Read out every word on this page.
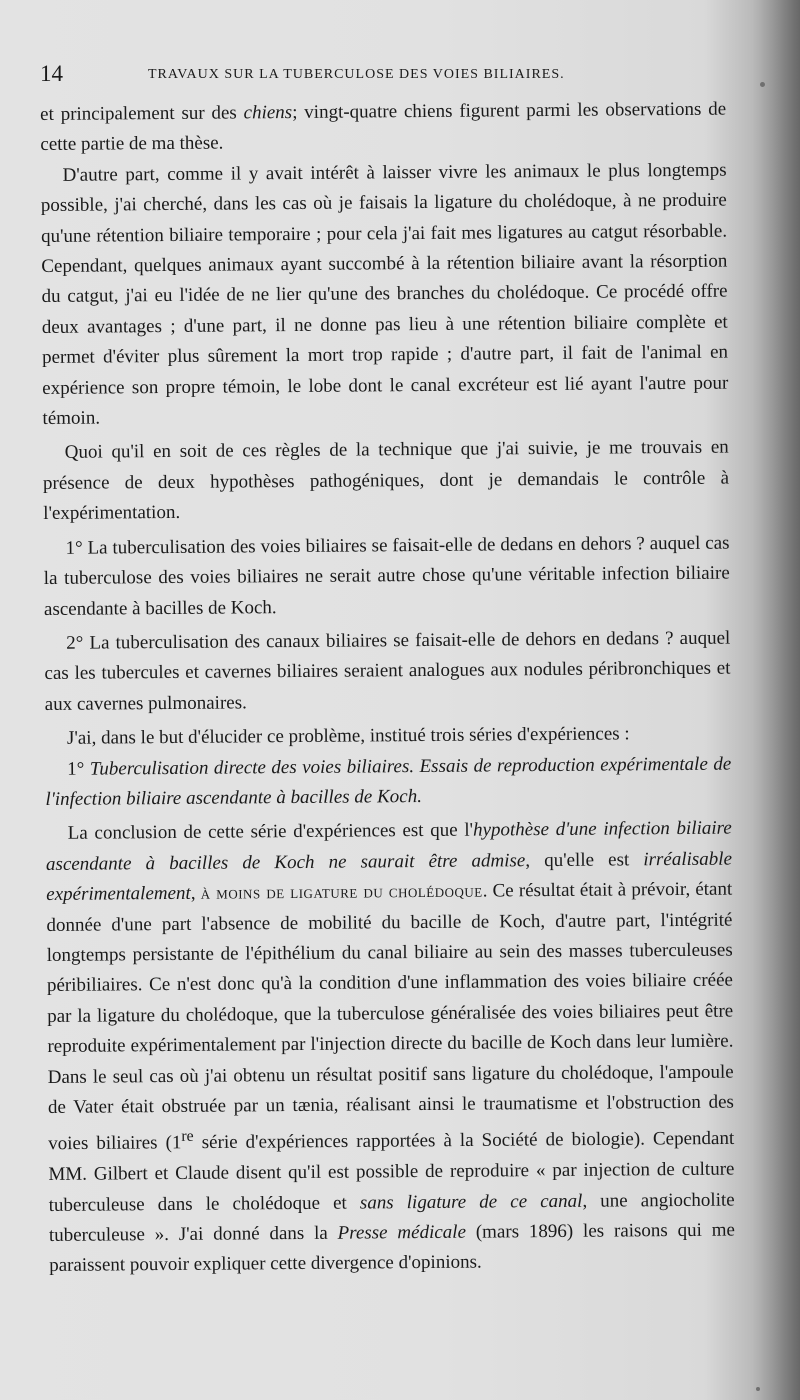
14	TRAVAUX SUR LA TUBERCULOSE DES VOIES BILIAIRES.

et principalement sur des chiens; vingt-quatre chiens figurent parmi les observations de cette partie de ma thèse.

D'autre part, comme il y avait intérêt à laisser vivre les animaux le plus longtemps possible, j'ai cherché, dans les cas où je faisais la ligature du cholédoque, à ne produire qu'une rétention biliaire temporaire ; pour cela j'ai fait mes ligatures au catgut résorbable. Cependant, quelques animaux ayant succombé à la rétention biliaire avant la résorption du catgut, j'ai eu l'idée de ne lier qu'une des branches du cholédoque. Ce procédé offre deux avantages ; d'une part, il ne donne pas lieu à une rétention biliaire complète et permet d'éviter plus sûrement la mort trop rapide ; d'autre part, il fait de l'animal en expérience son propre témoin, le lobe dont le canal excréteur est lié ayant l'autre pour témoin.

Quoi qu'il en soit de ces règles de la technique que j'ai suivie, je me trouvais en présence de deux hypothèses pathogéniques, dont je demandais le contrôle à l'expérimentation.

1° La tuberculisation des voies biliaires se faisait-elle de dedans en dehors ? auquel cas la tuberculose des voies biliaires ne serait autre chose qu'une véritable infection biliaire ascendante à bacilles de Koch.

2° La tuberculisation des canaux biliaires se faisait-elle de dehors en dedans ? auquel cas les tubercules et cavernes biliaires seraient analogues aux nodules péribronchiques et aux cavernes pulmonaires.

J'ai, dans le but d'élucider ce problème, institué trois séries d'expériences :

1° Tuberculisation directe des voies biliaires. Essais de reproduction expérimentale de l'infection biliaire ascendante à bacilles de Koch.

La conclusion de cette série d'expériences est que l'hypothèse d'une infection biliaire ascendante à bacilles de Koch ne saurait être admise, qu'elle est irréalisable expérimentalement, à moins de ligature du cholédoque. Ce résultat était à prévoir, étant donnée d'une part l'absence de mobilité du bacille de Koch, d'autre part, l'intégrité longtemps persistante de l'épithélium du canal biliaire au sein des masses tuberculeuses péribiliaires. Ce n'est donc qu'à la condition d'une inflammation des voies biliaire créée par la ligature du cholédoque, que la tuberculose généralisée des voies biliaires peut être reproduite expérimentalement par l'injection directe du bacille de Koch dans leur lumière. Dans le seul cas où j'ai obtenu un résultat positif sans ligature du cholédoque, l'ampoule de Vater était obstruée par un tænia, réalisant ainsi le traumatisme et l'obstruction des voies biliaires (1re série d'expériences rapportées à la Société de biologie). Cependant MM. Gilbert et Claude disent qu'il est possible de reproduire « par injection de culture tuberculeuse dans le cholédoque et sans ligature de ce canal, une angiocholite tuberculeuse ». J'ai donné dans la Presse médicale (mars 1896) les raisons qui me paraissent pouvoir expliquer cette divergence d'opinions.
